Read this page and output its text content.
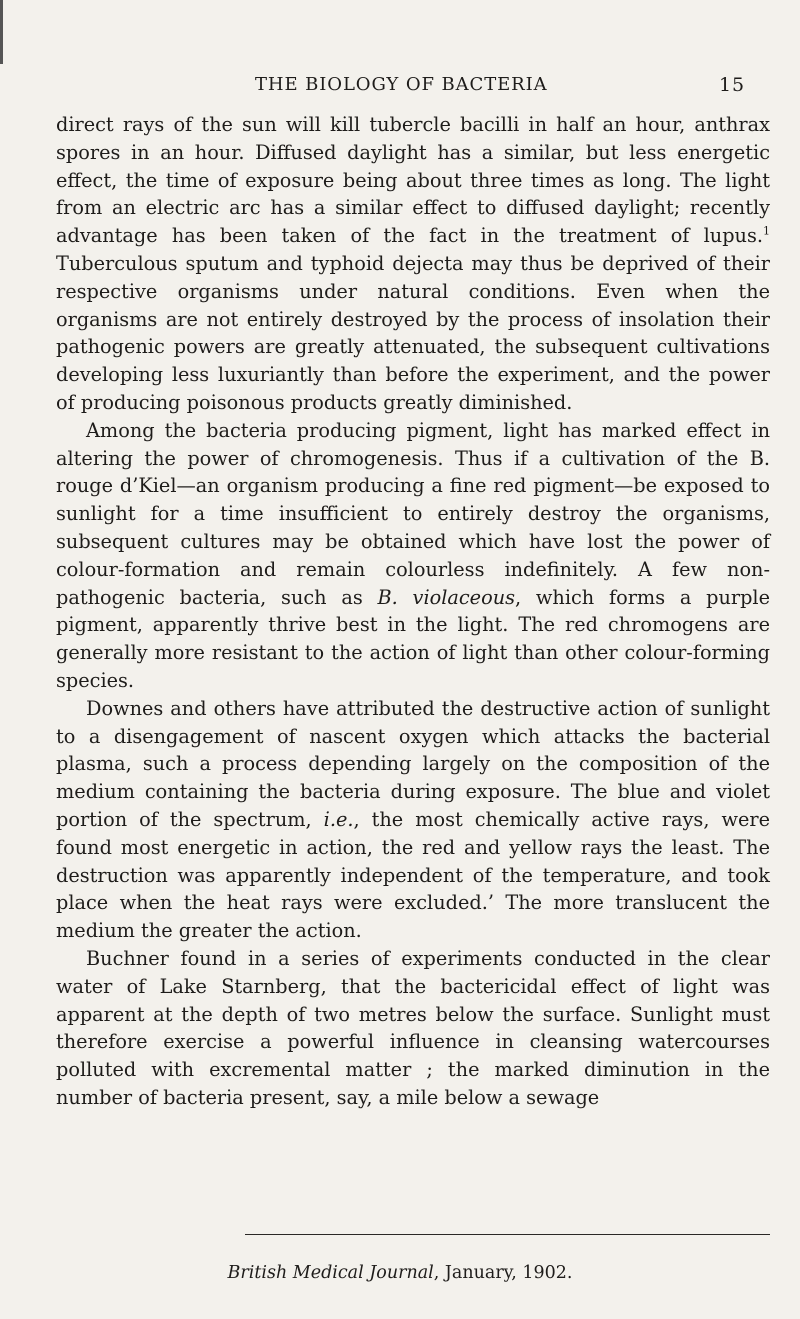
THE BIOLOGY OF BACTERIA	15

direct rays of the sun will kill tubercle bacilli in half an hour, anthrax spores in an hour. Diffused daylight has a similar, but less energetic effect, the time of exposure being about three times as long. The light from an electric arc has a similar effect to diffused daylight; recently advantage has been taken of the fact in the treatment of lupus.$^1$ Tuberculous sputum and typhoid dejecta may thus be deprived of their respective organisms under natural conditions. Even when the organisms are not entirely destroyed by the process of insolation their pathogenic powers are greatly attenuated, the subsequent cultivations developing less luxuriantly than before the experiment, and the power of producing poisonous products greatly diminished.

Among the bacteria producing pigment, light has marked effect in altering the power of chromogenesis. Thus if a cultivation of the B. rouge d’Kiel—an organism producing a fine red pigment—be exposed to sunlight for a time insufficient to entirely destroy the organisms, subsequent cultures may be obtained which have lost the power of colour-formation and remain colourless indefinitely. A few non-pathogenic bacteria, such as B. violaceous, which forms a purple pigment, apparently thrive best in the light. The red chromogens are generally more resistant to the action of light than other colour-forming species.

Downes and others have attributed the destructive action of sunlight to a disengagement of nascent oxygen which attacks the bacterial plasma, such a process depending largely on the composition of the medium containing the bacteria during exposure. The blue and violet portion of the spectrum, i.e., the most chemically active rays, were found most energetic in action, the red and yellow rays the least. The destruction was apparently independent of the temperature, and took place when the heat rays were excluded.’ The more translucent the medium the greater the action.

Buchner found in a series of experiments conducted in the clear water of Lake Starnberg, that the bactericidal effect of light was apparent at the depth of two metres below the surface. Sunlight must therefore exercise a powerful influence in cleansing watercourses polluted with excremental matter ; the marked diminution in the number of bacteria present, say, a mile below a sewage

British Medical Journal, January, 1902.
